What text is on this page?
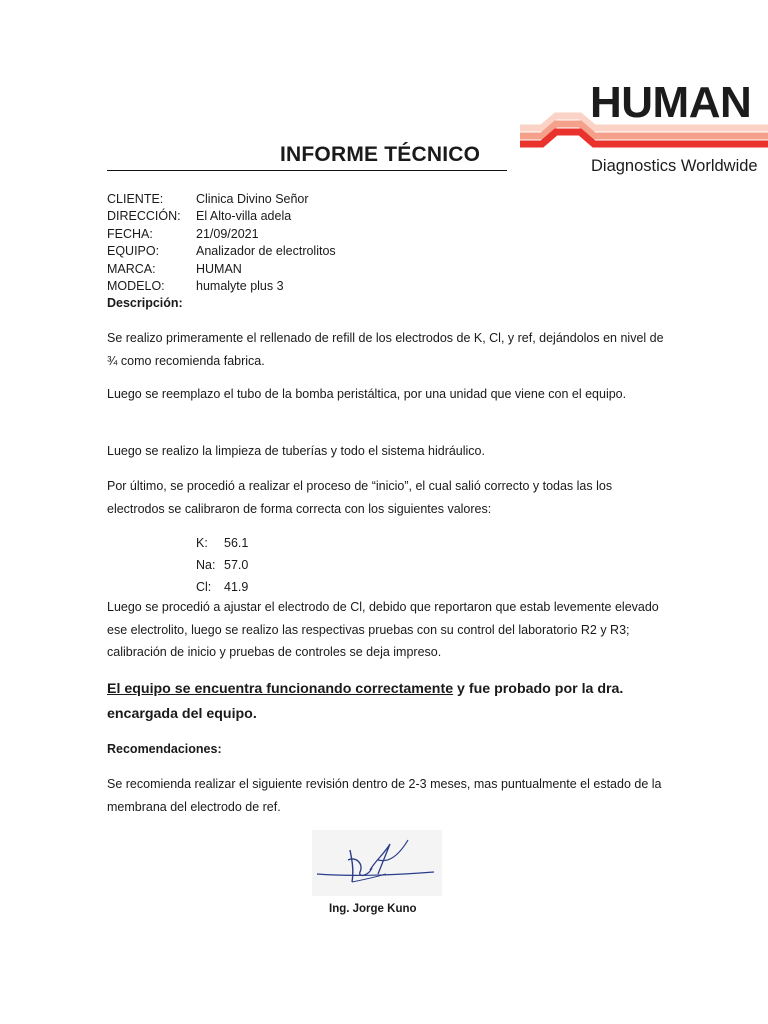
HUMAN
Diagnostics Worldwide
INFORME TÉCNICO
CLIENTE:	Clinica Divino Señor
DIRECCIÓN:	El Alto-villa adela
FECHA:	21/09/2021
EQUIPO:	Analizador de electrolitos
MARCA:	HUMAN
MODELO:	humalyte plus 3
Descripción:
Se realizo primeramente el rellenado de refill de los electrodos de K, Cl, y ref, dejándolos en nivel de ¾ como recomienda fabrica.
Luego se reemplazo el tubo de la bomba peristáltica, por una unidad que viene con el equipo.
Luego se realizo la limpieza de tuberías y todo el sistema hidráulico.
Por último, se procedió a realizar el proceso de “inicio”, el cual salió correcto y todas las los electrodos se calibraron de forma correcta con los siguientes valores:
K:	56.1
Na: 57.0
Cl:	41.9
Luego se procedió a ajustar el electrodo de Cl, debido que reportaron que estab levemente elevado ese electrolito, luego se realizo las respectivas pruebas con su control del laboratorio R2 y R3; calibración de inicio y pruebas de controles se deja impreso.
El equipo se encuentra funcionando correctamente y fue probado por la dra. encargada del equipo.
Recomendaciones:
Se recomienda realizar el siguiente revisión dentro de 2-3 meses, mas puntualmente el estado de la membrana del electrodo de ref.
Ing. Jorge Kuno
